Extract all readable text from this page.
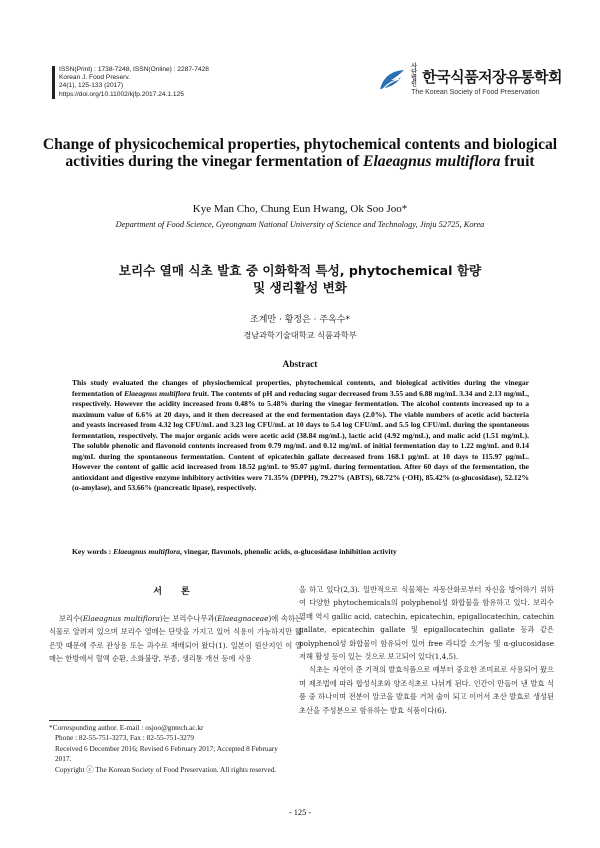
ISSN(Print) : 1738-7248, ISSN(Online) : 2287-7428
Korean J. Food Preserv.
24(1), 125-133 (2017)
https://doi.org/10.11002/kjfp.2017.24.1.125
사단법인 한국식품저장유통학회
The Korean Society of Food Preservation
Change of physicochemical properties, phytochemical contents and biological activities during the vinegar fermentation of Elaeagnus multiflora fruit
Kye Man Cho, Chung Eun Hwang, Ok Soo Joo*
Department of Food Science, Gyeongnam National University of Science and Technology, Jinju 52725, Korea
보리수 열매 식초 발효 중 이화학적 특성, phytochemical 함량
및 생리활성 변화
조계만 · 황정은 · 주옥수*
경남과학기술대학교 식품과학부
Abstract
This study evaluated the changes of physiochemical properties, phytochemical contents, and biological activities during the vinegar fermentation of Elaeagnus multiflora fruit. The contents of pH and reducing sugar decreased from 3.55 and 6.88 mg/mL 3.34 and 2.13 mg/mL, respectively. However the acidity increased from 0.48% to 5.48% during the vinegar fermentation. The alcohol contents increased up to a maximum value of 6.6% at 20 days, and it then decreased at the end fermentation days (2.0%). The viable numbers of acetic acid bacteria and yeasts increased from 4.32 log CFU/mL and 3.23 log CFU/mL at 10 days to 5.4 log CFU/mL and 5.5 log CFU/mL during the spontaneous fermentation, respectively. The major organic acids were acetic acid (38.84 mg/mL), lactic acid (4.92 mg/mL), and malic acid (1.51 mg/mL). The soluble phenolic and flavonoid contents increased from 0.79 mg/mL and 0.12 mg/mL of initial fermentation day to 1.22 mg/mL and 0.14 mg/mL during the spontaneous fermentation. Content of epicatechin gallate decreased from 168.1 μg/mL at 10 days to 115.97 μg/mL. However the content of gallic acid increased from 18.52 μg/mL to 95.07 μg/mL during fermentation. After 60 days of the fermentation, the antioxidant and digestive enzyme inhibitory activities were 71.35% (DPPH), 79.27% (ABTS), 68.72% (·OH), 85.42% (α-glucosidase), 52.12% (α-amylase), and 53.66% (pancreatic lipase), respectively.
Key words : Elaeagnus multiflora, vinegar, flavonols, phenolic acids, α-glucosidase inhibition activity
서 론

보리수(Elaeagnus multiflora)는 보리수나무과(Elaeagnaceae)에 속하는 식물로 알려져 있으며 보리수 열매는 단맛을 가지고 있어 식용이 가능하지만 떫은맛 때문에 주로 관상용 또는 과수로 재배되어 왔다(1). 일본이 원산지인 이 열매는 한방에서 혈액 순환, 소화불량, 부종, 생리통 개선 등에 사용

을 하고 있다(2,3). 일반적으로 식물체는 자동산화로부터 자신을 방어하기 위하여 다양한 phytochemicals의 polyphenol성 화합물을 함유하고 있다. 보리수 열매 역시 gallic acid, catechin, epicatechin, epigallocatechin, catechin gallate, epicatechin gallate 및 epigallocatechin gallate 등과 같은 polyphenol성 화합물이 함유되어 있어 free 라디칼 소거능 및 α-glucosidase 저해 활성 등이 있는 것으로 보고되어 있다(1,4,5).

식초는 자연이 준 기적의 발효식품으로 예부터 중요한 조미료로 사용되어 왔으며 제조법에 따라 합성식초와 양조식초로 나뉘게 된다. 인간이 만들어 낸 발효 식품 중 하나이며 전분이 알코올 발효를 거쳐 술이 되고 이어서 초산 발효로 생성된 초산을 주성분으로 함유하는 발효 식품이다(6).

*Corresponding author. E-mail : osjoo@gntech.ac.kr
Phone : 82-55-751-3273, Fax : 82-55-751-3279
Received 6 December 2016; Revised 6 February 2017; Accepted 8 February 2017.
Copyright ⓒ The Korean Society of Food Preservation. All rights reserved.
- 125 -
